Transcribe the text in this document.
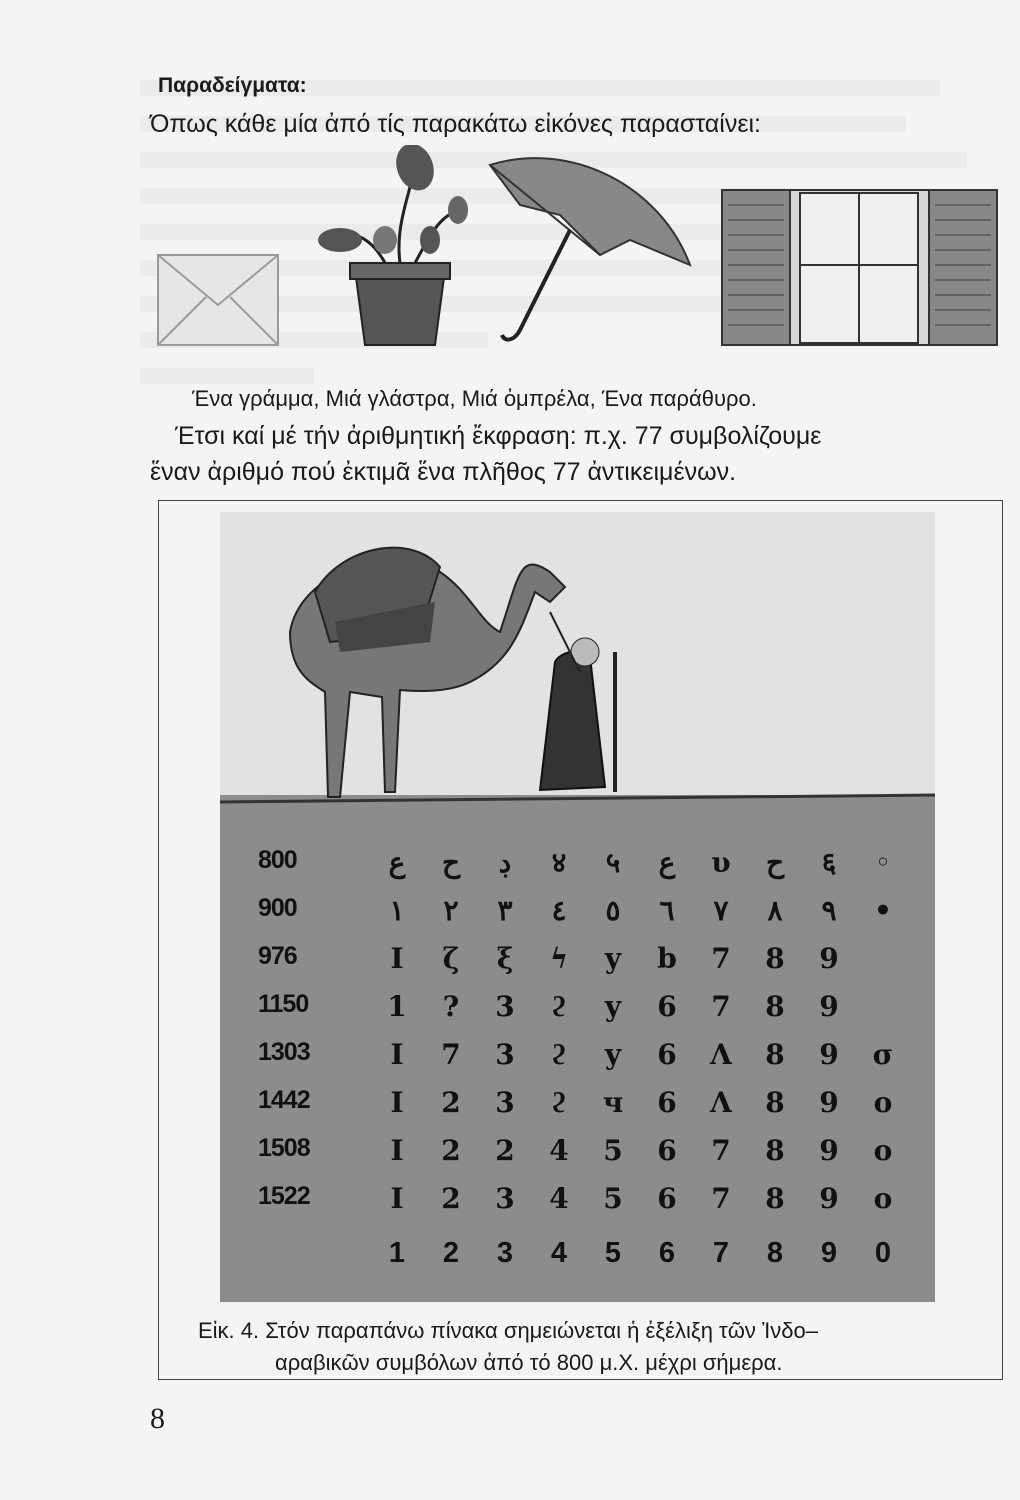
Παραδείγματα:
Όπως κάθε μία ἀπό τίς παρακάτω εἰκόνες παρασταίνει:
Ένα γράμμα, Μιά γλάστρα, Μιά ὀμπρέλα, Ένα παράθυρο.
Έτσι καί μέ τήν ἀριθμητική ἔκφραση: π.χ. 77 συμβολίζουμε
ἕναν ἀριθμό πού ἐκτιμᾶ ἕνα πλῆθος 77 ἀντικειμένων.
800	ع	ح	ڊ	४	५	ع	υ	ح	६	◦
900	١	٢	٣	٤	٥	٦	٧	٨	٩	•
976	I	ζ	ξ	ϟ	y	b	7	8	9
1150	1	?	3	ϩ	y	6	7	8	9
1303	I	7	3	ϩ	y	6	Λ	8	9	σ
1442	I	2	3	ϩ	ч	6	Λ	8	9	o
1508	I	2	2	4	5	6	7	8	9	o
1522	I	2	3	4	5	6	7	8	9	o
1	2	3	4	5	6	7	8	9	0
Εἰκ. 4. Στόν παραπάνω πίνακα σημειώνεται ἡ ἐξέλιξη τῶν Ἰνδο–
αραβικῶν συμβόλων ἀπό τό 800 μ.Χ. μέχρι σήμερα.
8
